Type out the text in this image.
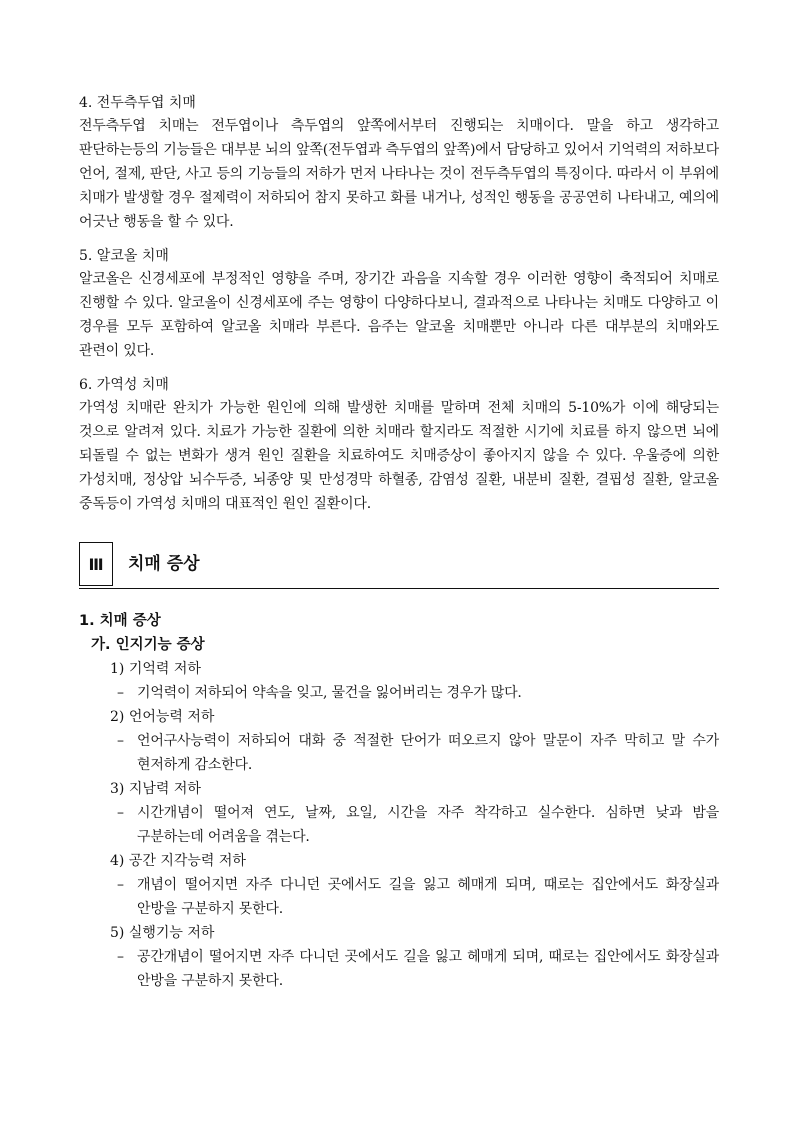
4. 전두측두엽 치매

전두측두엽 치매는 전두엽이나 측두엽의 앞쪽에서부터 진행되는 치매이다. 말을 하고 생각하고 판단하는등의 기능들은 대부분 뇌의 앞쪽(전두엽과 측두엽의 앞쪽)에서 담당하고 있어서 기억력의 저하보다 언어, 절제, 판단, 사고 등의 기능들의 저하가 먼저 나타나는 것이 전두측두엽의 특징이다. 따라서 이 부위에 치매가 발생할 경우 절제력이 저하되어 참지 못하고 화를 내거나, 성적인 행동을 공공연히 나타내고, 예의에 어긋난 행동을 할 수 있다.

5. 알코올 치매

알코올은 신경세포에 부정적인 영향을 주며, 장기간 과음을 지속할 경우 이러한 영향이 축적되어 치매로 진행할 수 있다. 알코올이 신경세포에 주는 영향이 다양하다보니, 결과적으로 나타나는 치매도 다양하고 이 경우를 모두 포함하여 알코올 치매라 부른다. 음주는 알코올 치매뿐만 아니라 다른 대부분의 치매와도 관련이 있다.

6. 가역성 치매

가역성 치매란 완치가 가능한 원인에 의해 발생한 치매를 말하며 전체 치매의 5-10%가 이에 해당되는 것으로 알려져 있다. 치료가 가능한 질환에 의한 치매라 할지라도 적절한 시기에 치료를 하지 않으면 뇌에 되돌릴 수 없는 변화가 생겨 원인 질환을 치료하여도 치매증상이 좋아지지 않을 수 있다. 우울증에 의한 가성치매, 정상압 뇌수두증, 뇌종양 및 만성경막 하혈종, 감염성 질환, 내분비 질환, 결핍성 질환, 알코올 중독등이 가역성 치매의 대표적인 원인 질환이다.

Ⅲ	치매 증상
1. 치매 증상
가. 인지기능 증상
1) 기억력 저하
– 기억력이 저하되어 약속을 잊고, 물건을 잃어버리는 경우가 많다.
2) 언어능력 저하
– 언어구사능력이 저하되어 대화 중 적절한 단어가 떠오르지 않아 말문이 자주 막히고 말 수가 현저하게 감소한다.
3) 지남력 저하
– 시간개념이 떨어져 연도, 날짜, 요일, 시간을 자주 착각하고 실수한다. 심하면 낮과 밤을 구분하는데 어려움을 겪는다.
4) 공간 지각능력 저하
– 개념이 떨어지면 자주 다니던 곳에서도 길을 잃고 헤매게 되며, 때로는 집안에서도 화장실과 안방을 구분하지 못한다.
5) 실행기능 저하
– 공간개념이 떨어지면 자주 다니던 곳에서도 길을 잃고 헤매게 되며, 때로는 집안에서도 화장실과 안방을 구분하지 못한다.
